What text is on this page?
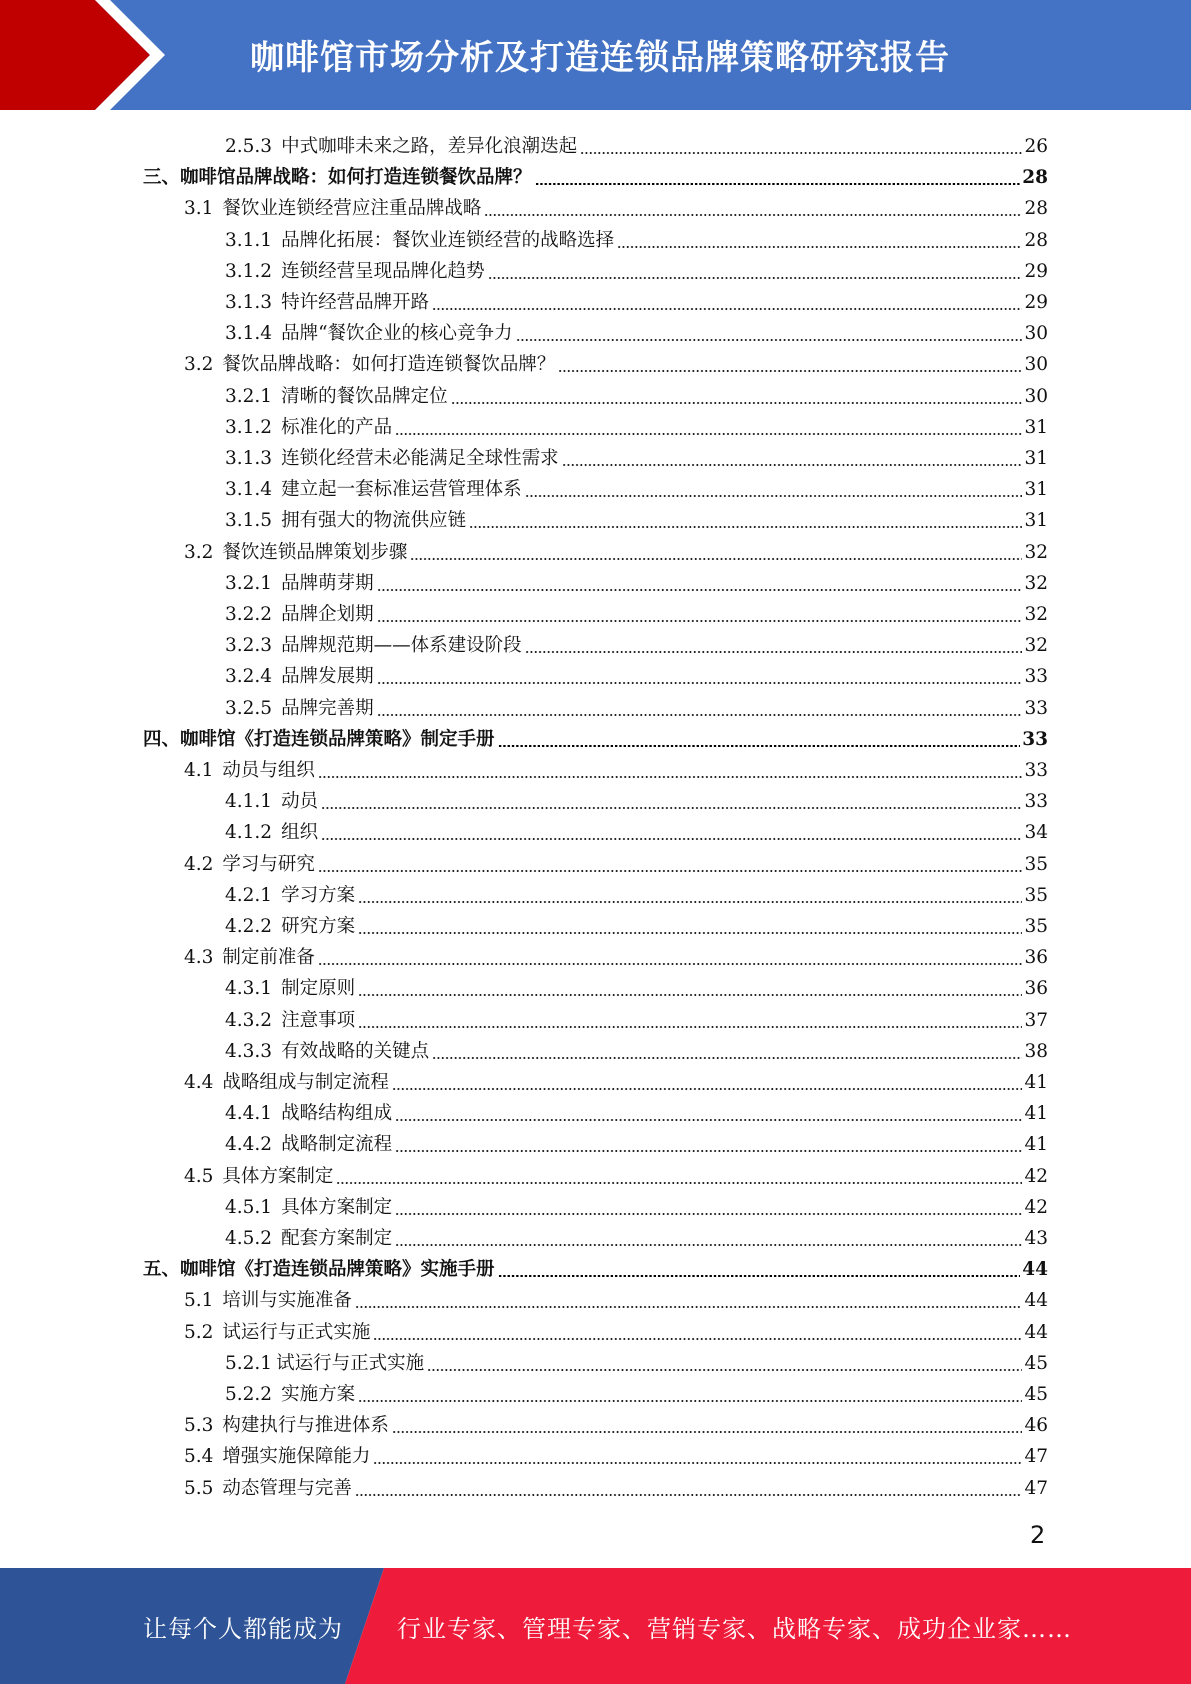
咖啡馆市场分析及打造连锁品牌策略研究报告
2.5.3 中式咖啡未来之路，差异化浪潮迭起	26
三、咖啡馆品牌战略：如何打造连锁餐饮品牌？	28
3.1 餐饮业连锁经营应注重品牌战略	28
3.1.1 品牌化拓展：餐饮业连锁经营的战略选择	28
3.1.2 连锁经营呈现品牌化趋势	29
3.1.3 特许经营品牌开路	29
3.1.4 品牌“餐饮企业的核心竞争力	30
3.2 餐饮品牌战略：如何打造连锁餐饮品牌？	30
3.2.1 清晰的餐饮品牌定位	30
3.1.2 标准化的产品	31
3.1.3 连锁化经营未必能满足全球性需求	31
3.1.4 建立起一套标准运营管理体系	31
3.1.5 拥有强大的物流供应链	31
3.2 餐饮连锁品牌策划步骤	32
3.2.1 品牌萌芽期	32
3.2.2 品牌企划期	32
3.2.3 品牌规范期——体系建设阶段	32
3.2.4 品牌发展期	33
3.2.5 品牌完善期	33
四、咖啡馆《打造连锁品牌策略》制定手册	33
4.1 动员与组织	33
4.1.1 动员	33
4.1.2 组织	34
4.2 学习与研究	35
4.2.1 学习方案	35
4.2.2 研究方案	35
4.3 制定前准备	36
4.3.1 制定原则	36
4.3.2 注意事项	37
4.3.3 有效战略的关键点	38
4.4 战略组成与制定流程	41
4.4.1 战略结构组成	41
4.4.2 战略制定流程	41
4.5 具体方案制定	42
4.5.1 具体方案制定	42
4.5.2 配套方案制定	43
五、咖啡馆《打造连锁品牌策略》实施手册	44
5.1 培训与实施准备	44
5.2 试运行与正式实施	44
5.2.1 试运行与正式实施	45
5.2.2 实施方案	45
5.3 构建执行与推进体系	46
5.4 增强实施保障能力	47
5.5 动态管理与完善	47
2
让每个人都能成为 行业专家、管理专家、营销专家、战略专家、成功企业家……
